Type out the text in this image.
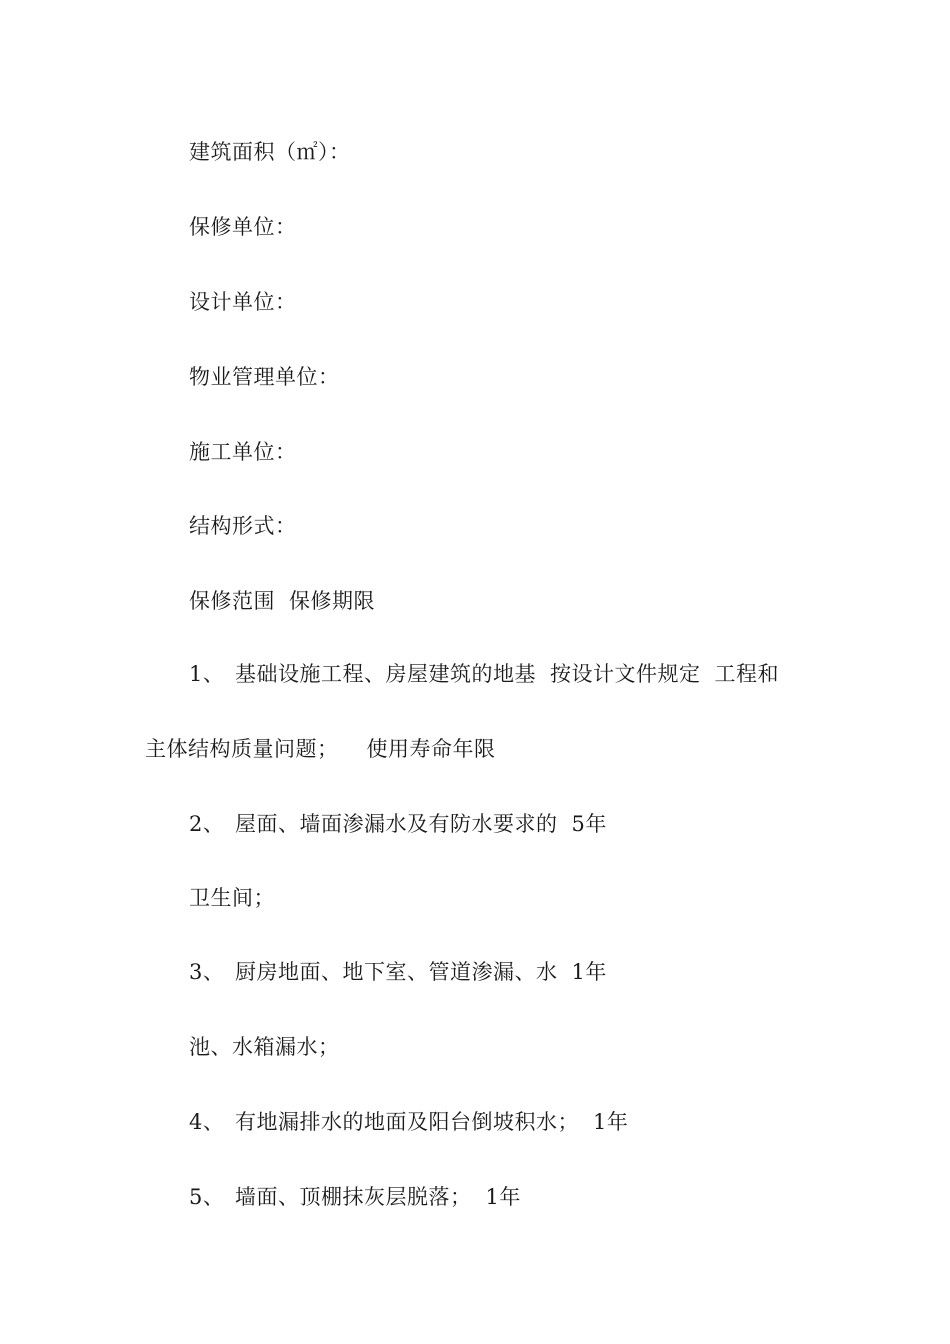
建筑面积（㎡）：
保修单位：
设计单位：
物业管理单位：
施工单位：
结构形式：
保修范围 保修期限
1、 基础设施工程、房屋建筑的地基 按设计文件规定 工程和
主体结构质量问题； 使用寿命年限
2、 屋面、墙面渗漏水及有防水要求的 5年
卫生间；
3、 厨房地面、地下室、管道渗漏、水 1年
池、水箱漏水；
4、 有地漏排水的地面及阳台倒坡积水； 1年
5、 墙面、顶棚抹灰层脱落； 1年
